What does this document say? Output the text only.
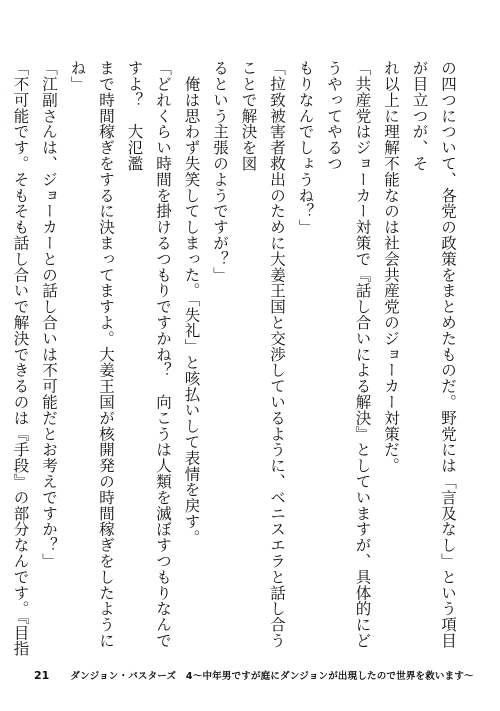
の四つについて、各党の政策をまとめたものだ。野党には「言及なし」という項目が目立つが、そ

れ以上に理解不能なのは社会共産党のジョーカー対策だ。

「共産党はジョーカー対策で『話し合いによる解決』としていますが、具体的にどうやってやるつ

もりなんでしょうね？」

「拉致被害者救出のために大姜王国と交渉しているように、ベニスエラと話し合うことで解決を図

るという主張のようですが？」

　俺は思わず失笑してしまった。「失礼」と咳払いして表情を戻す。

「どれくらい時間を掛けるつもりですかね？　向こうは人類を滅ぼすつもりなんですよ？　大氾濫

まで時間稼ぎをするに決まってますよ。大姜王国が核開発の時間稼ぎをしたようにね」

「江副さんは、ジョーカーとの話し合いは不可能だとお考えですか？」

「不可能です。そもそも話し合いで解決できるのは『手段』の部分なんです。『目指

21 ダンジョン・バスターズ　4～中年男ですが庭にダンジョンが出現したので世界を救います～
